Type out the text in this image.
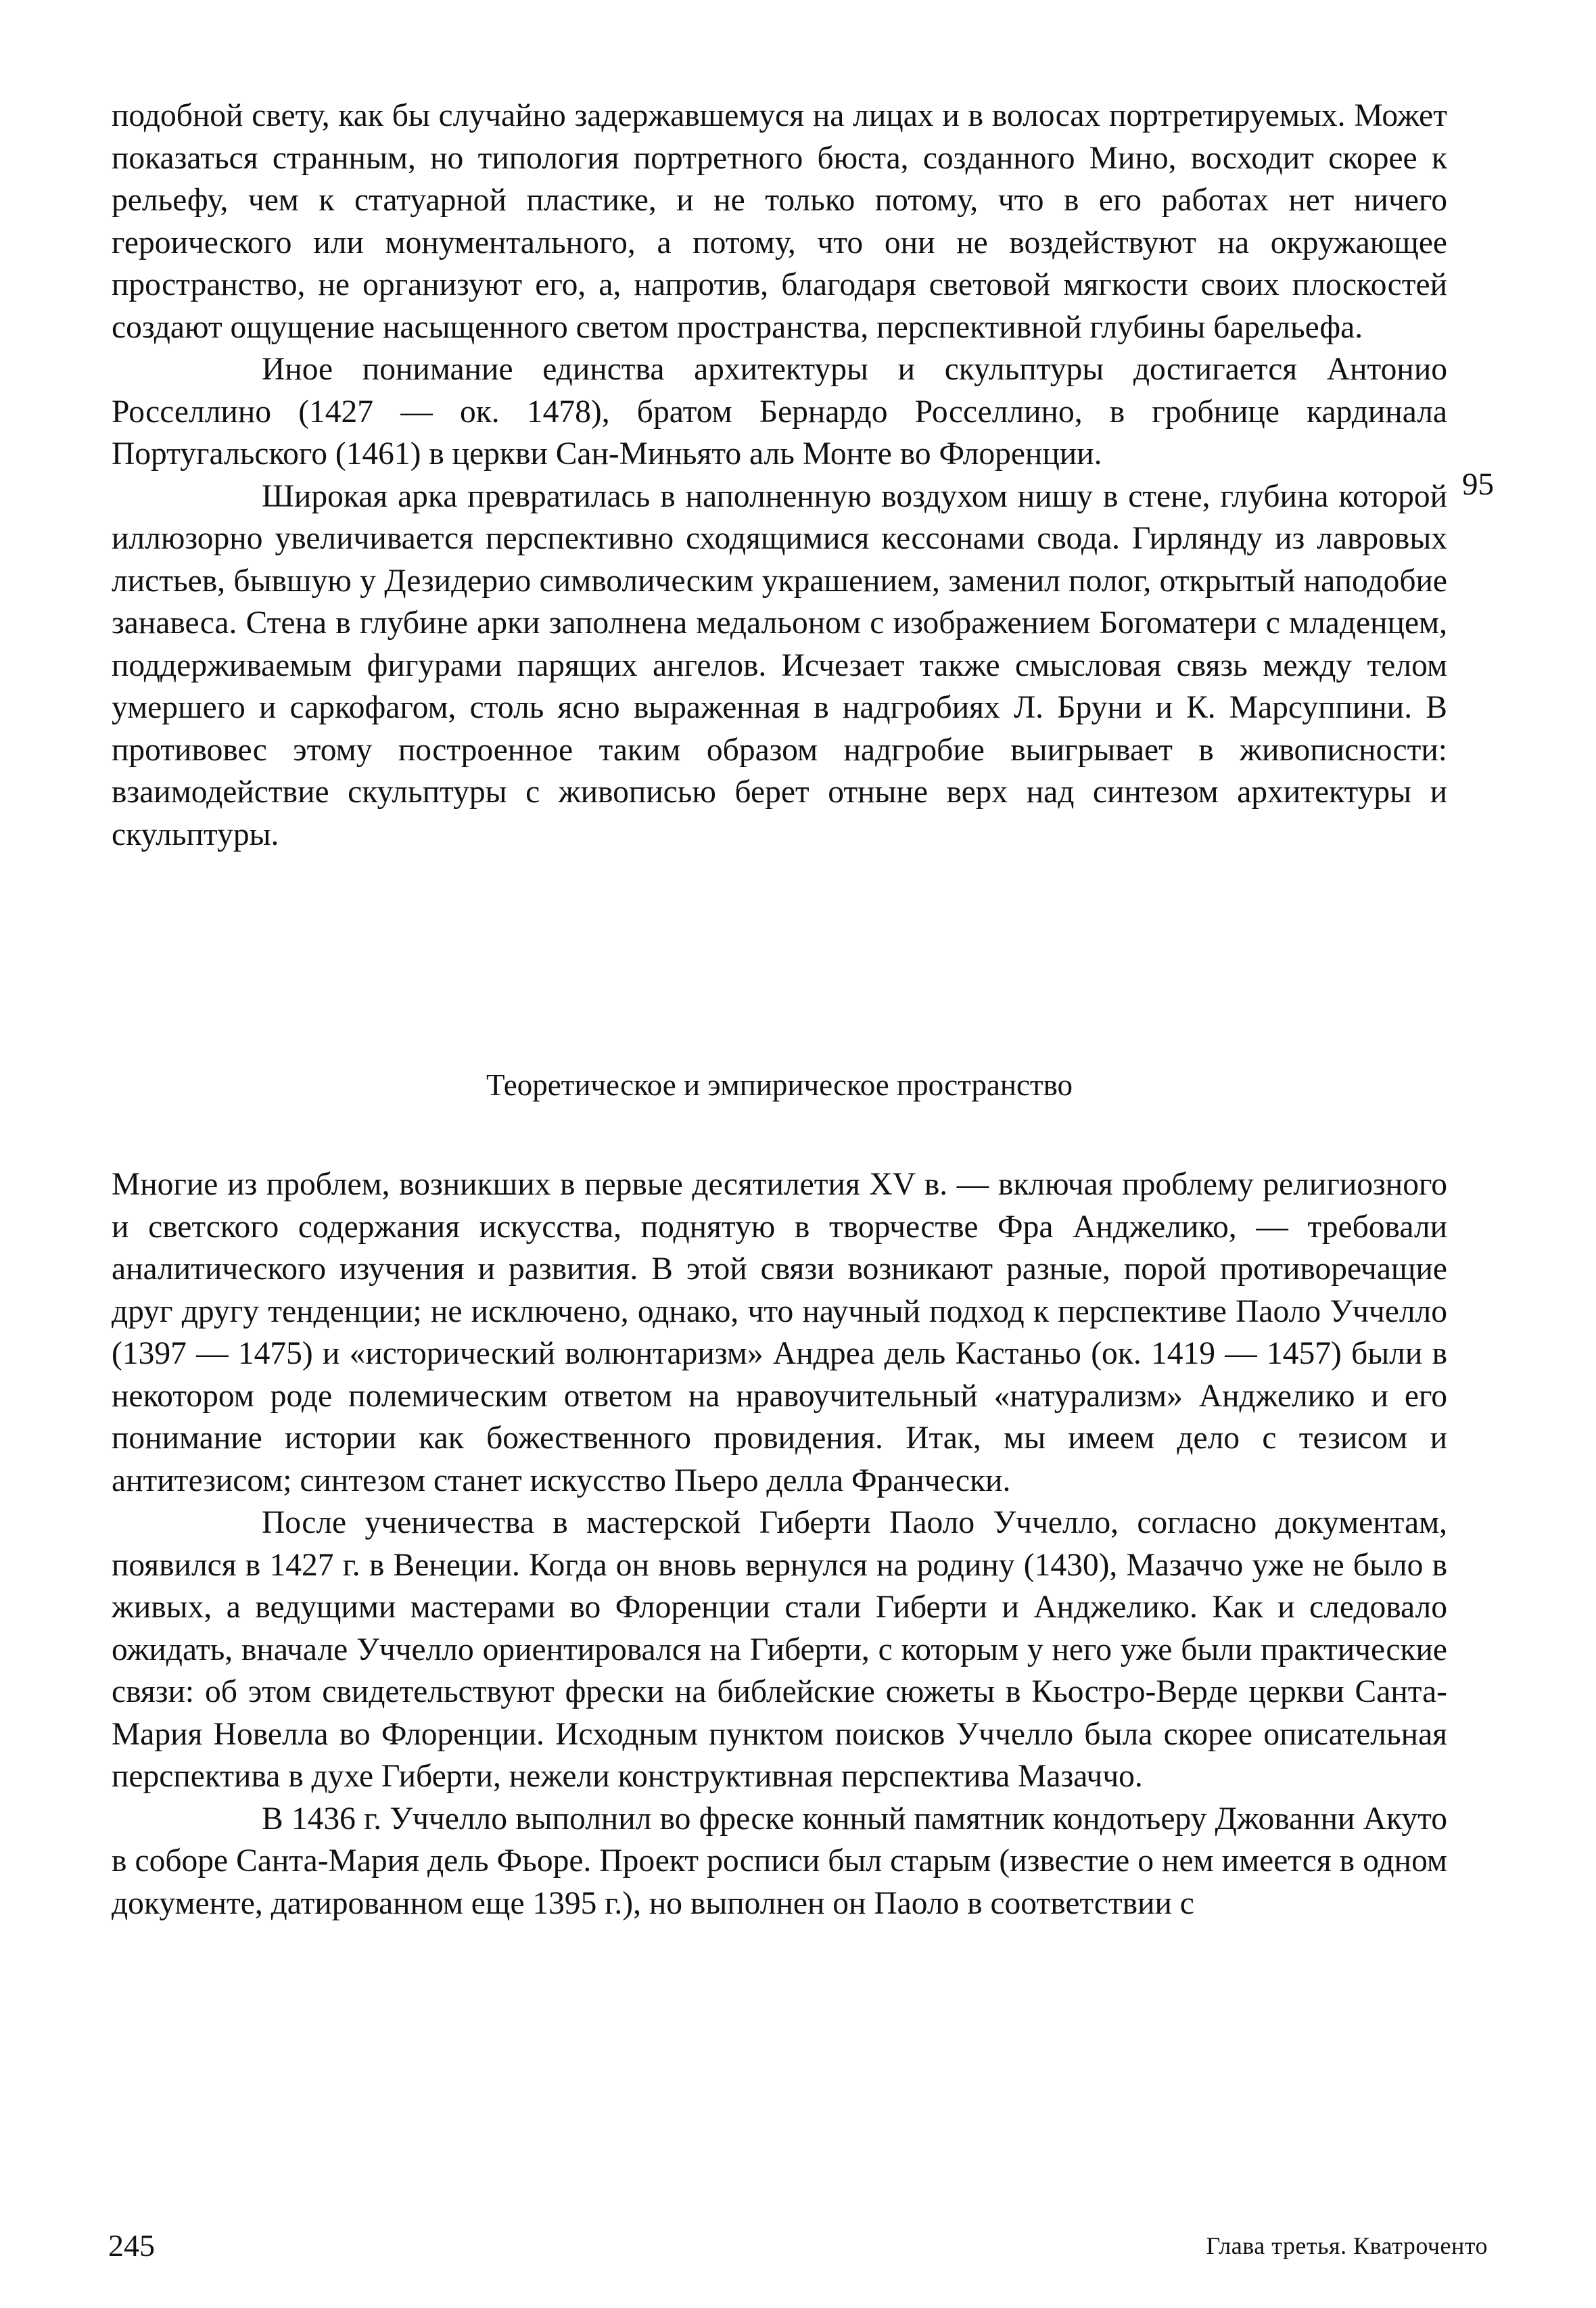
подобной свету, как бы случайно задержавшемуся на лицах и в волосах портретируемых. Может показаться странным, но типология портретного бюста, созданного Мино, восходит скорее к рельефу, чем к статуарной пластике, и не только потому, что в его работах нет ничего героического или монументального, а потому, что они не воздействуют на окружающее пространство, не организуют его, а, напротив, благодаря световой мягкости своих плоскостей создают ощущение насыщенного светом пространства, перспективной глубины барельефа.

Иное понимание единства архитектуры и скульптуры достигается Антонио Росселлино (1427 — ок. 1478), братом Бернардо Росселлино, в гробнице кардинала Португальского (1461) в церкви Сан-Миньято аль Монте во Флоренции.

Широкая арка превратилась в наполненную воздухом нишу в стене, глубина которой иллюзорно увеличивается перспективно сходящимися кессонами свода. Гирлянду из лавровых листьев, бывшую у Дезидерио символическим украшением, заменил полог, открытый наподобие занавеса. Стена в глубине арки заполнена медальоном с изображением Богоматери с младенцем, поддерживаемым фигурами парящих ангелов. Исчезает также смысловая связь между телом умершего и саркофагом, столь ясно выраженная в надгробиях Л. Бруни и К. Марсуппини. В противовес этому построенное таким образом надгробие выигрывает в живописности: взаимодействие скульптуры с живописью берет отныне верх над синтезом архитектуры и скульптуры.

95
Теоретическое и эмпирическое пространство

Многие из проблем, возникших в первые десятилетия XV в. — включая проблему религиозного и светского содержания искусства, поднятую в творчестве Фра Анджелико, — требовали аналитического изучения и развития. В этой связи возникают разные, порой противоречащие друг другу тенденции; не исключено, однако, что научный подход к перспективе Паоло Уччелло (1397 — 1475) и «исторический волюнтаризм» Андреа дель Кастаньо (ок. 1419 — 1457) были в некотором роде полемическим ответом на нравоучительный «натурализм» Анджелико и его понимание истории как божественного провидения. Итак, мы имеем дело с тезисом и антитезисом; синтезом станет искусство Пьеро делла Франчески.

После ученичества в мастерской Гиберти Паоло Уччелло, согласно документам, появился в 1427 г. в Венеции. Когда он вновь вернулся на родину (1430), Мазаччо уже не было в живых, а ведущими мастерами во Флоренции стали Гиберти и Анджелико. Как и следовало ожидать, вначале Уччелло ориентировался на Гиберти, с которым у него уже были практические связи: об этом свидетельствуют фрески на библейские сюжеты в Кьостро-Верде церкви Санта-Мария Новелла во Флоренции. Исходным пунктом поисков Уччелло была скорее описательная перспектива в духе Гиберти, нежели конструктивная перспектива Мазаччо.

В 1436 г. Уччелло выполнил во фреске конный памятник кондотьеру Джованни Акуто в соборе Санта-Мария дель Фьоре. Проект росписи был старым (известие о нем имеется в одном документе, датированном еще 1395 г.), но выполнен он Паоло в соответствии с

245	Глава третья. Кватроченто
